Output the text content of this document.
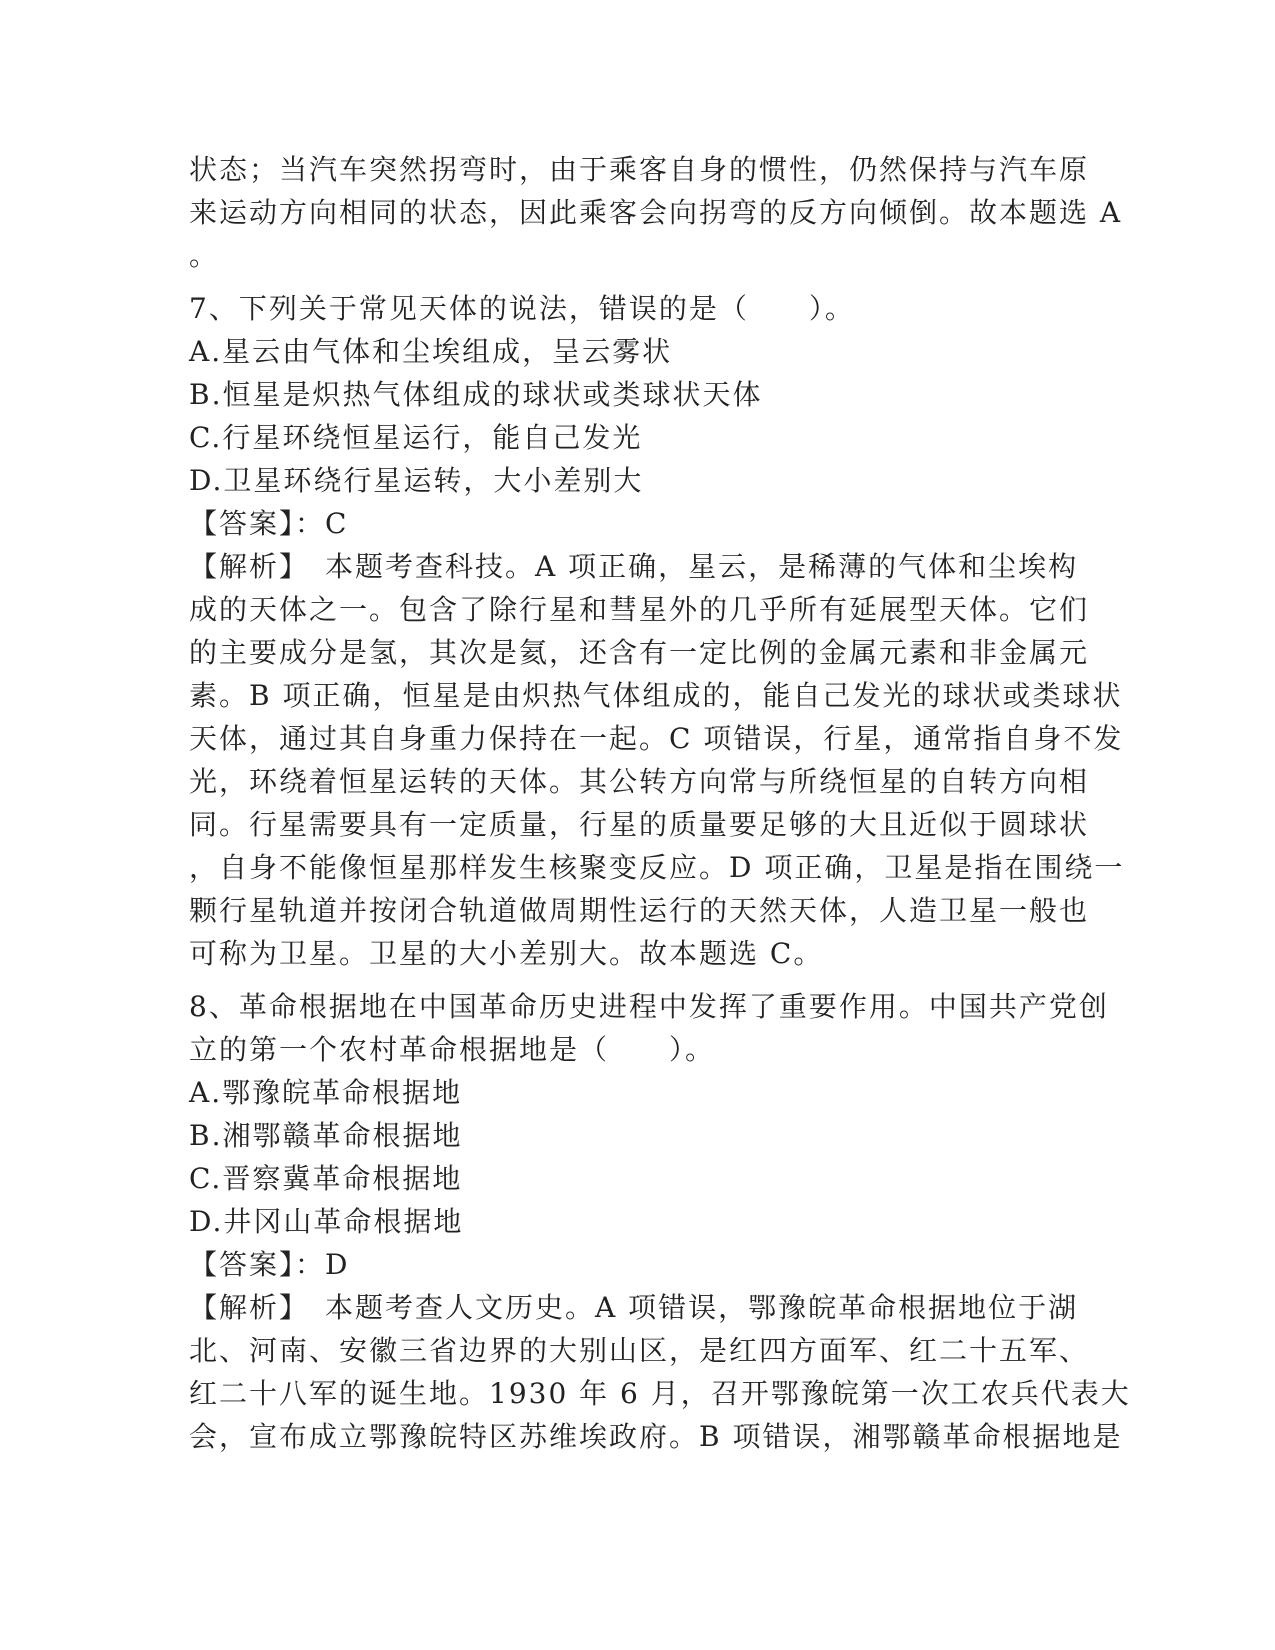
状态；当汽车突然拐弯时，由于乘客自身的惯性，仍然保持与汽车原
来运动方向相同的状态，因此乘客会向拐弯的反方向倾倒。故本题选 A
。
7、下列关于常见天体的说法，错误的是（　　）。
A.星云由气体和尘埃组成，呈云雾状
B.恒星是炽热气体组成的球状或类球状天体
C.行星环绕恒星运行，能自己发光
D.卫星环绕行星运转，大小差别大
【答案】：C
【解析】　本题考查科技。A 项正确，星云，是稀薄的气体和尘埃构
成的天体之一。包含了除行星和彗星外的几乎所有延展型天体。它们
的主要成分是氢，其次是氦，还含有一定比例的金属元素和非金属元
素。B 项正确，恒星是由炽热气体组成的，能自己发光的球状或类球状
天体，通过其自身重力保持在一起。C 项错误，行星，通常指自身不发
光，环绕着恒星运转的天体。其公转方向常与所绕恒星的自转方向相
同。行星需要具有一定质量，行星的质量要足够的大且近似于圆球状
，自身不能像恒星那样发生核聚变反应。D 项正确，卫星是指在围绕一
颗行星轨道并按闭合轨道做周期性运行的天然天体，人造卫星一般也
可称为卫星。卫星的大小差别大。故本题选 C。
8、革命根据地在中国革命历史进程中发挥了重要作用。中国共产党创
立的第一个农村革命根据地是（　　）。
A.鄂豫皖革命根据地
B.湘鄂赣革命根据地
C.晋察冀革命根据地
D.井冈山革命根据地
【答案】：D
【解析】　本题考查人文历史。A 项错误，鄂豫皖革命根据地位于湖
北、河南、安徽三省边界的大别山区，是红四方面军、红二十五军、
红二十八军的诞生地。1930 年 6 月，召开鄂豫皖第一次工农兵代表大
会，宣布成立鄂豫皖特区苏维埃政府。B 项错误，湘鄂赣革命根据地是
